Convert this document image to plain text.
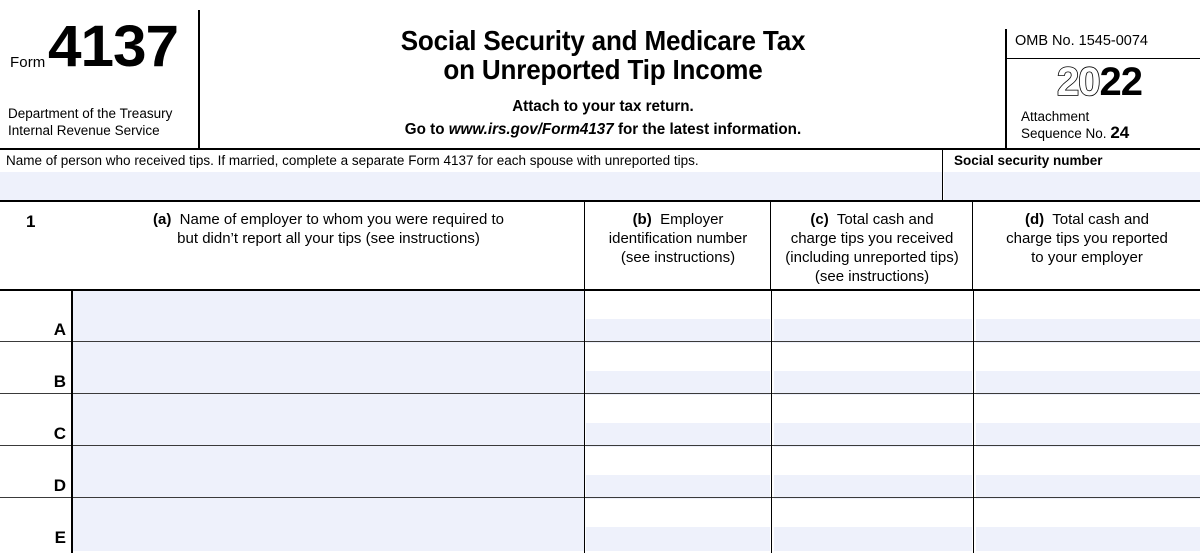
Form 4137
Department of the Treasury
Internal Revenue Service
Social Security and Medicare Tax
on Unreported Tip Income
Attach to your tax return.
Go to www.irs.gov/Form4137 for the latest information.
OMB No. 1545-0074
2022
Attachment
Sequence No. 24
Name of person who received tips. If married, complete a separate Form 4137 for each spouse with unreported tips.	Social security number
1	(a) Name of employer to whom you were required to
but didn’t report all your tips (see instructions)
(b) Employer
identification number
(see instructions)
(c) Total cash and
charge tips you received
(including unreported tips)
(see instructions)
(d) Total cash and
charge tips you reported
to your employer
A
B
C
D
E
